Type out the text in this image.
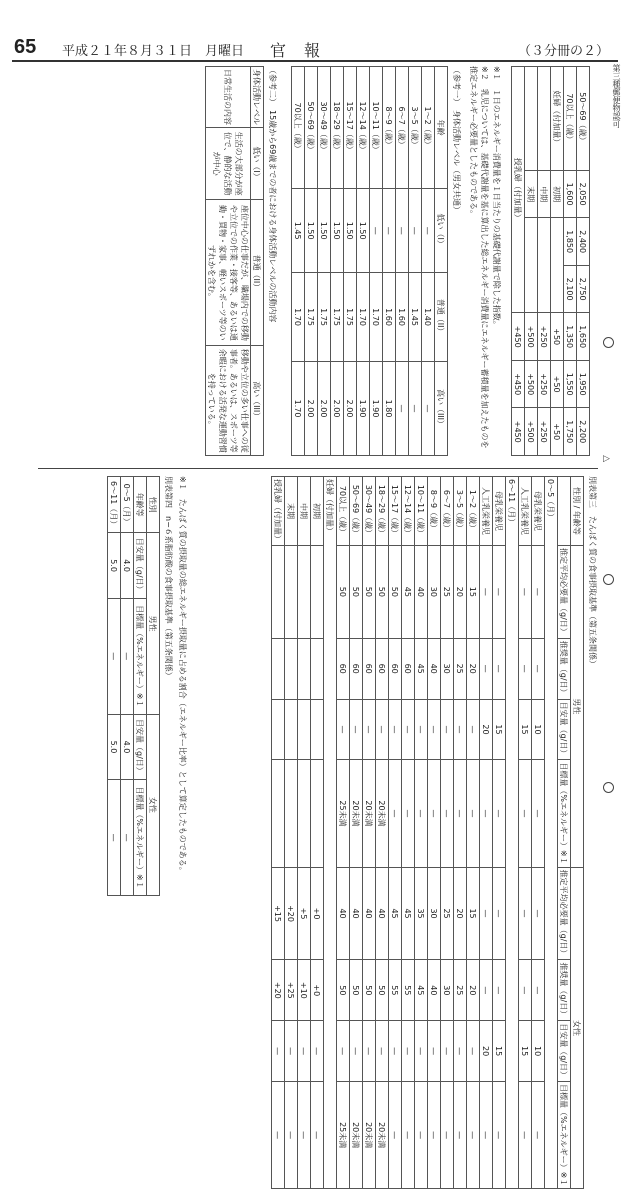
65 平成２１年８月３１日　月曜日 官報	（３分冊の２）
第三種郵便物認可
▷
50〜69（歳）	2,050	2,400	2,750	1,650	1,950	2,200
70以上（歳）	1,600	1,850	2,100	1,350	1,550	1,750
妊婦（付加量）	初期			+50	+50	+50
	中期			+250	+250	+250
	末期			+500	+500	+500
授乳婦（付加量）				+450	+450	+450
※１　１日のエネルギー消費量を１日当たりの基礎代謝量で除した指数。
※２　乳児については、基礎代謝量を基に算出した総エネルギー消費量にエネルギー蓄積量を加えたものを推定エネルギー必要量としたものである。
（参考一）　身体活動レベル（男女共通）
年齢	低い（I）	普通（II）	高い（III）
1〜2（歳）	—	1.40	—
3〜5（歳）	—	1.45	—
6〜7（歳）	—	1.60	—
8〜9（歳）	—	1.60	1.80
10〜11（歳）	—	1.70	1.90
12〜14（歳）	1.50	1.70	1.90
15〜17（歳）	1.50	1.75	2.00
18〜29（歳）	1.50	1.75	2.00
30〜49（歳）	1.50	1.75	2.00
50〜69（歳）	1.50	1.75	2.00
70以上（歳）	1.45	1.70	1.70
（参考二）　15歳から69歳までの者における身体活動レベルの活動内容
身体活動レベル	低い（I）	普通（II）	高い（III）
日常生活の内容	生活の大部分が座位で、静的な活動が中心	座位中心の仕事だが、職場内での移動や立位での作業・接客等、あるいは通勤・買物・家事、軽いスポーツ等のいずれかを含む。	移動や立位の多い仕事への従事者。あるいは、スポーツ等余暇における活発な運動習慣を持っている。
別表第三　たんぱく質の食事摂取基準（第五条関係）
性別 / 年齢等	男性				女性			
	推定平均必要量（g/日）	推奨量（g/日）	目安量（g/日）	目標量（%エネルギー）※１	推定平均必要量（g/日）	推奨量（g/日）	目安量（g/日）	目標量（%エネルギー）※１
0〜5（月）								
母乳栄養児	—	—	10	—	—	—	10	—
人工乳栄養児	—	—	15	—	—	—	15	—
6〜11（月）								
母乳栄養児	—	—	15	—	—	—	15	—
人工乳栄養児	—	—	20	—	—	—	20	—
1〜2（歳）	15	20	—	—	15	20	—	—
3〜5（歳）	20	25	—	—	20	25	—	—
6〜7（歳）	25	30	—	—	25	30	—	—
8〜9（歳）	30	40	—	—	30	40	—	—
10〜11（歳）	40	45	—	—	35	45	—	—
12〜14（歳）	45	60	—	—	45	55	—	—
15〜17（歳）	50	60	—	—	45	55	—	—
18〜29（歳）	50	60	—	20未満	40	50	—	20未満
30〜49（歳）	50	60	—	20未満	40	50	—	20未満
50〜69（歳）	50	60	—	20未満	40	50	—	20未満
70以上（歳）	50	60	—	25未満	40	50	—	25未満
妊婦（付加量）								
初期					+0	+0	—	—
中期					+5	+10	—	—
末期					+20	+25	—	—
授乳婦（付加量）					+15	+20	—	—
※１　たんぱく質の摂取量の総エネルギー摂取量に占める割合（エネルギー比率）として算定したものである。
別表第四　n−６系脂肪酸の食事摂取基準（第五条関係）
性別	男性		女性	
年齢等	目安量（g/日）	目標量（%エネルギー）※１	目安量（g/日）	目標量（%エネルギー）※１
0〜5（月）	4.0	—	4.0	—
6〜11（月）	5.0	—	5.0	—
